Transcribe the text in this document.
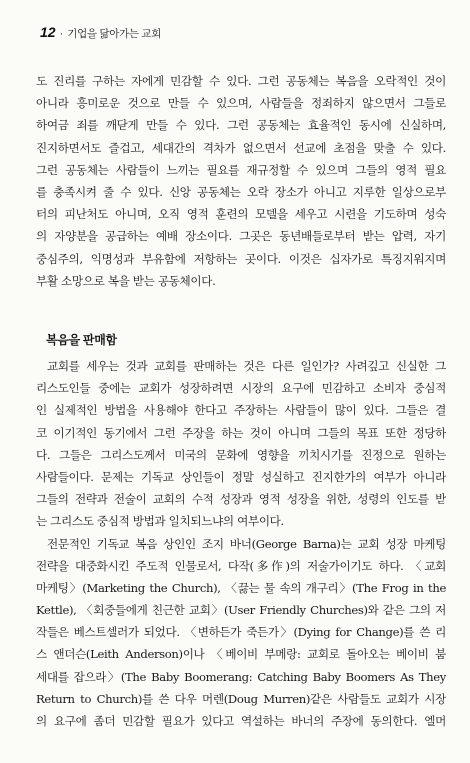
12 · 기업을 닮아가는 교회
도 진리를 구하는 자에게 민감할 수 있다. 그런 공동체는 복음을 오락적인 것이
아니라 흥미로운 것으로 만들 수 있으며, 사람들을 정죄하지 않으면서 그들로
하여금 죄를 깨닫게 만들 수 있다. 그런 공동체는 효율적인 동시에 신실하며,
진지하면서도 즐겁고, 세대간의 격차가 없으면서 선교에 초점을 맞출 수 있다.
그런 공동체는 사람들이 느끼는 필요를 재규정할 수 있으며 그들의 영적 필요
를 충족시켜 줄 수 있다. 신앙 공동체는 오락 장소가 아니고 지루한 일상으로부
터의 피난처도 아니며, 오직 영적 훈련의 모델을 세우고 시련을 기도하며 성숙
의 자양분을 공급하는 예배 장소이다. 그곳은 동년배들로부터 받는 압력, 자기
중심주의, 익명성과 부유함에 저항하는 곳이다. 이것은 십자가로 특징지워지며
부활 소망으로 복을 받는 공동체이다.
복음을 판매함
교회를 세우는 것과 교회를 판매하는 것은 다른 일인가? 사려깊고 신실한 그
리스도인들 중에는 교회가 성장하려면 시장의 요구에 민감하고 소비자 중심적
인 실제적인 방법을 사용해야 한다고 주장하는 사람들이 많이 있다. 그들은 결
코 이기적인 동기에서 그런 주장을 하는 것이 아니며 그들의 목표 또한 정당하
다. 그들은 그리스도께서 미국의 문화에 영향을 끼치시기를 진정으로 원하는
사람들이다. 문제는 기독교 상인들이 정말 성실하고 진지한가의 여부가 아니라
그들의 전략과 전술이 교회의 수적 성장과 영적 성장을 위한, 성령의 인도를 받
는 그리스도 중심적 방법과 일치되느냐의 여부이다.
전문적인 기독교 복음 상인인 조지 바너(George Barna)는 교회 성장 마케팅
전략을 대중화시킨 주도적 인물로서, 다작(多作)의 저술가이기도 하다. 〈교회
마케팅〉(Marketing the Church), 〈끓는 물 속의 개구리〉(The Frog in the
Kettle), 〈회중들에게 친근한 교회〉(User Friendly Churches)와 같은 그의 저
작들은 베스트셀러가 되었다. 〈변하든가 죽든가〉(Dying for Change)를 쓴 리
스 앤더슨(Leith Anderson)이나 〈베이비 부메랑: 교회로 돌아오는 베이비 붐
세대를 잡으라〉(The Baby Boomerang: Catching Baby Boomers As They
Return to Church)를 쓴 다우 머렌(Doug Murren)같은 사람들도 교회가 시장
의 요구에 좀더 민감할 필요가 있다고 역설하는 바너의 주장에 동의한다. 엘머
